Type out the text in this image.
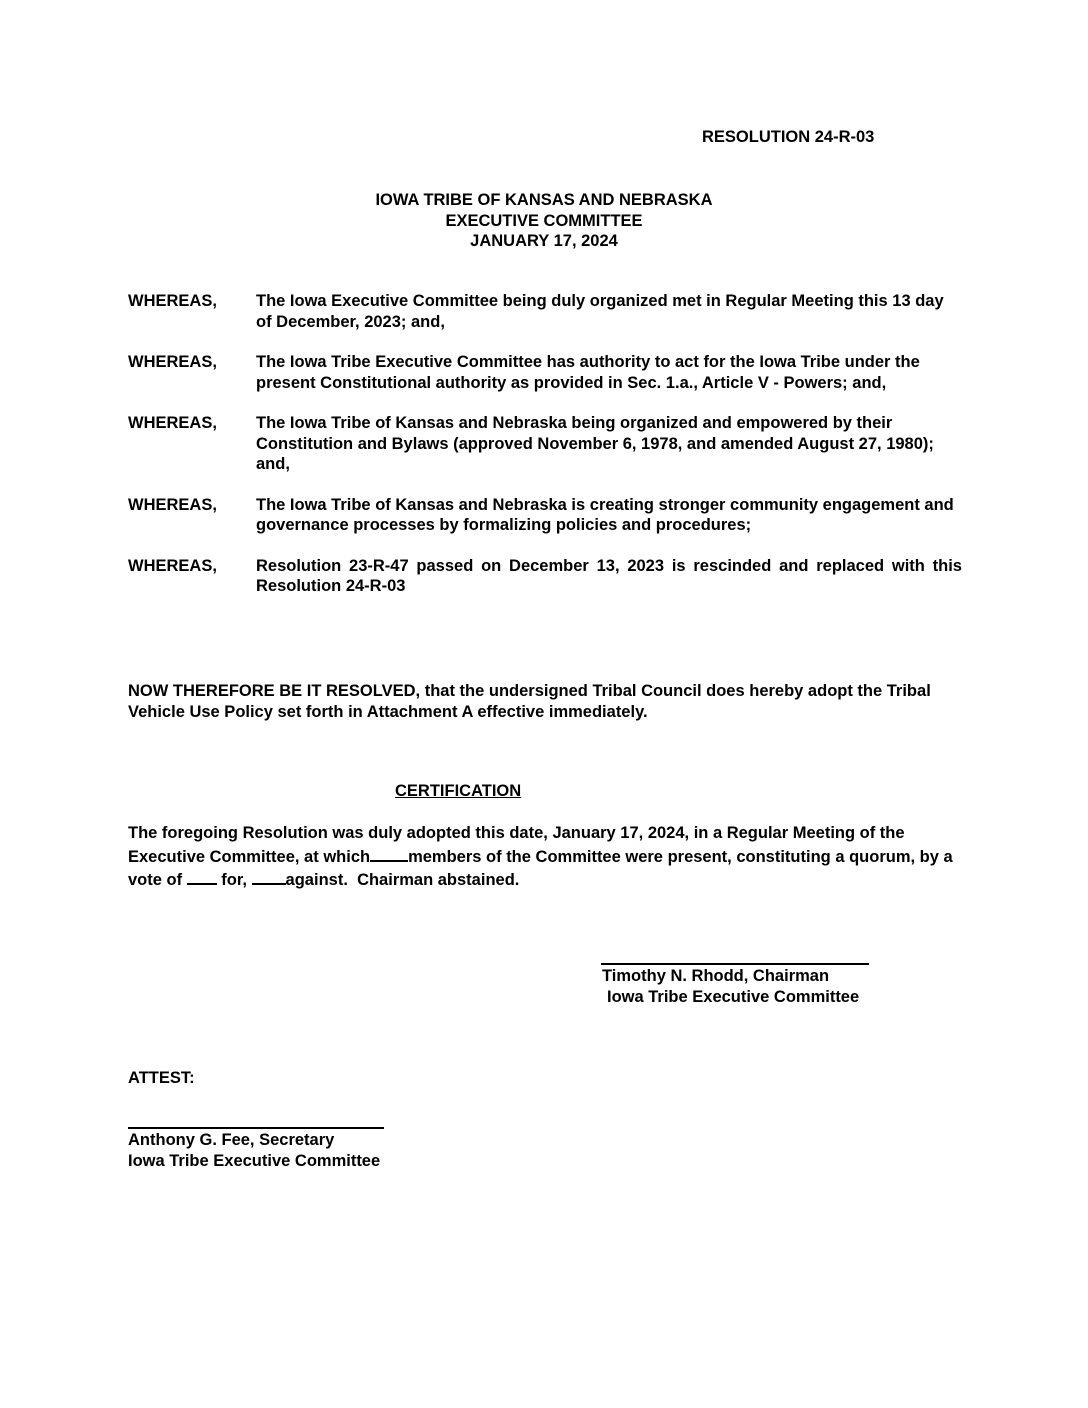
RESOLUTION 24-R-03
IOWA TRIBE OF KANSAS AND NEBRASKA
EXECUTIVE COMMITTEE
JANUARY 17, 2024
WHEREAS,	The Iowa Executive Committee being duly organized met in Regular Meeting this 13 day of December, 2023; and,
WHEREAS,	The Iowa Tribe Executive Committee has authority to act for the Iowa Tribe under the present Constitutional authority as provided in Sec. 1.a., Article V - Powers; and,
WHEREAS,	The Iowa Tribe of Kansas and Nebraska being organized and empowered by their Constitution and Bylaws (approved November 6, 1978, and amended August 27, 1980); and,
WHEREAS,	The Iowa Tribe of Kansas and Nebraska is creating stronger community engagement and governance processes by formalizing policies and procedures;
WHEREAS,	Resolution 23-R-47 passed on December 13, 2023 is rescinded and replaced with this Resolution 24-R-03
NOW THEREFORE BE IT RESOLVED, that the undersigned Tribal Council does hereby adopt the Tribal Vehicle Use Policy set forth in Attachment A effective immediately.
CERTIFICATION
The foregoing Resolution was duly adopted this date, January 17, 2024, in a Regular Meeting of the Executive Committee, at which members of the Committee were present, constituting a quorum, by a vote of for, against.  Chairman abstained.
Timothy N. Rhodd, Chairman
Iowa Tribe Executive Committee
ATTEST:
Anthony G. Fee, Secretary
Iowa Tribe Executive Committee
